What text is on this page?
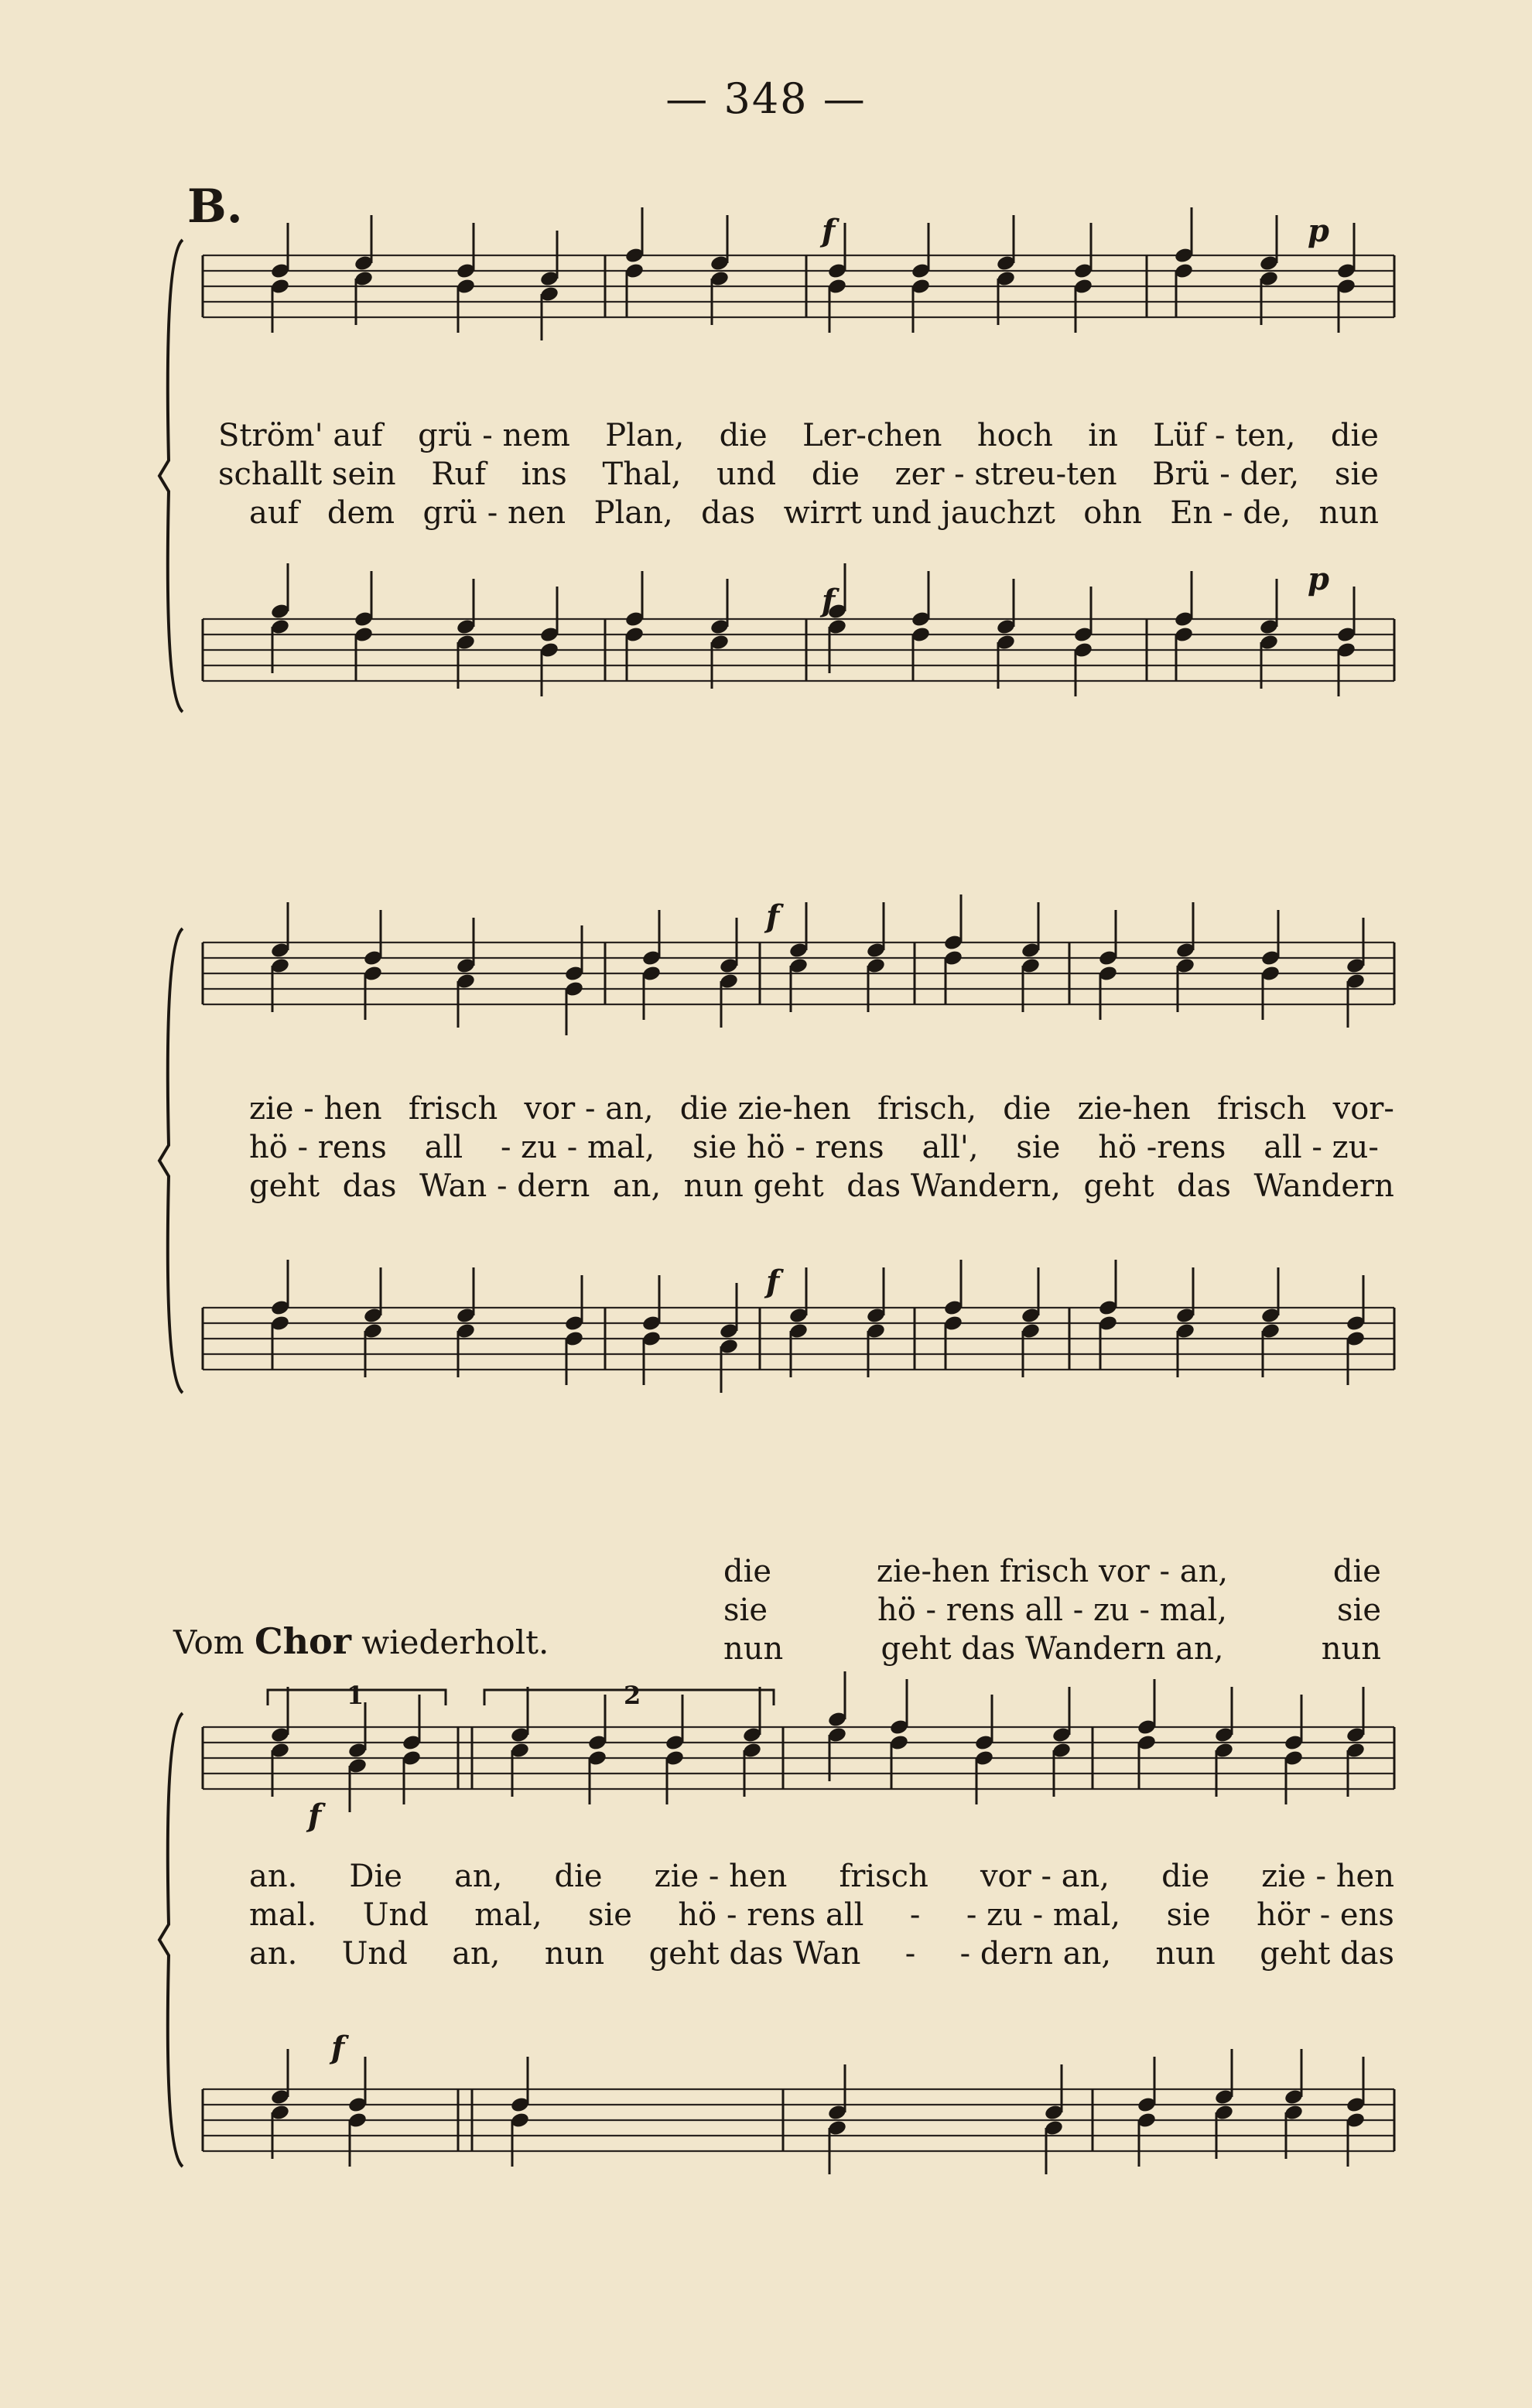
— 348 —
B.	f	p
f
p
f
f
f
f
Ström' auf grü - nem Plan, die Ler-chen hoch in Lüf - ten, die
schallt sein Ruf ins Thal, und die zer - streu-ten Brü - der, sie
auf dem grü - nen Plan, das wirrt und jauchzt ohn En - de, nun
zie - hen frisch vor - an, die zie-hen frisch, die zie-hen frisch vor-
hö - rens all - zu - mal, sie hö - rens all', sie hö -rens all - zu-
geht das Wan - dern an, nun geht das Wandern, geht das Wandern
die	zie-hen frisch vor - an,	die
sie	hö - rens all - zu - mal,	sie
nun	geht das Wandern an,	nun
Vom Chor wiederholt.
1	2
an. Die an, die zie - hen frisch vor - an, die zie - hen
mal. Und mal, sie hö - rens all - - zu - mal, sie hör - ens
an. Und an, nun geht das Wan - - dern an, nun geht das
